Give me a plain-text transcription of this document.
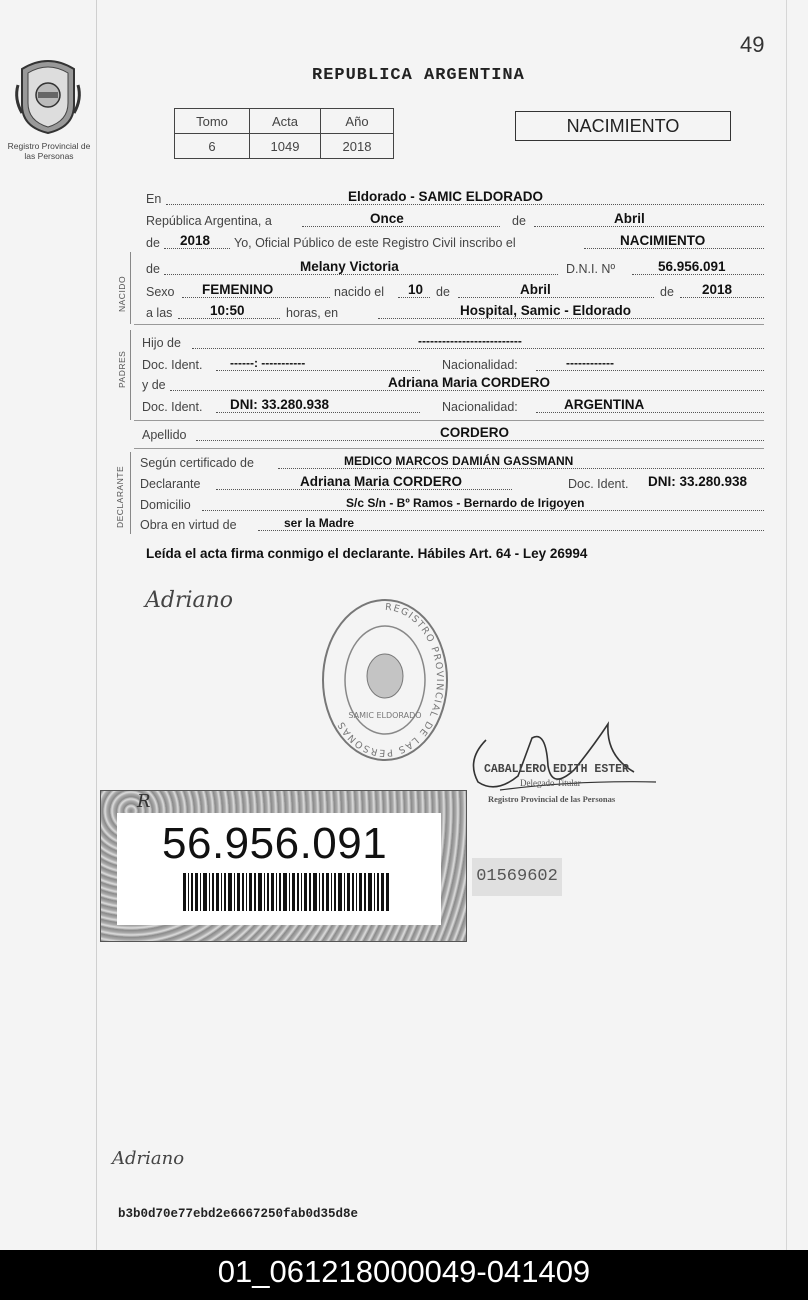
49
Registro Provincial de las Personas
REPUBLICA ARGENTINA
Tomo	Acta	Año
6	1049	2018
NACIMIENTO
En	Eldorado - SAMIC ELDORADO
República Argentina, a	Once	de	Abril
de 2018 Yo, Oficial Público de este Registro Civil inscribo el	NACIMIENTO
NACIDO
de	Melany Victoria	D.N.I. Nº	56.956.091
Sexo FEMENINO	nacido el 10 de	Abril	de 2018
a las	10:50	horas, en	Hospital, Samic - Eldorado
PADRES
Hijo de	--------------------------
Doc. Ident. ------: -----------	Nacionalidad:	------------
y de	Adriana Maria CORDERO
Doc. Ident. DNI: 33.280.938	Nacionalidad:	ARGENTINA
Apellido	CORDERO
DECLARANTE
Según certificado de	MEDICO MARCOS DAMIÁN GASSMANN
Declarante	Adriana Maria CORDERO	Doc. Ident. DNI: 33.280.938
Domicilio	S/c S/n - Bº Ramos - Bernardo de Irigoyen
Obra en virtud de	ser la Madre
Leída el acta firma conmigo el declarante. Hábiles Art. 64 - Ley 26994
Adriano	REGISTRO PROVINCIAL DE LAS PERSONAS
SAMIC ELDORADO
CABALLERO EDITH ESTER
Delegado Titular
Registro Provincial de las Personas
R
56.956.091
01569602
Adriano
b3b0d70e77ebd2e6667250fab0d35d8e
01_061218000049-041409
